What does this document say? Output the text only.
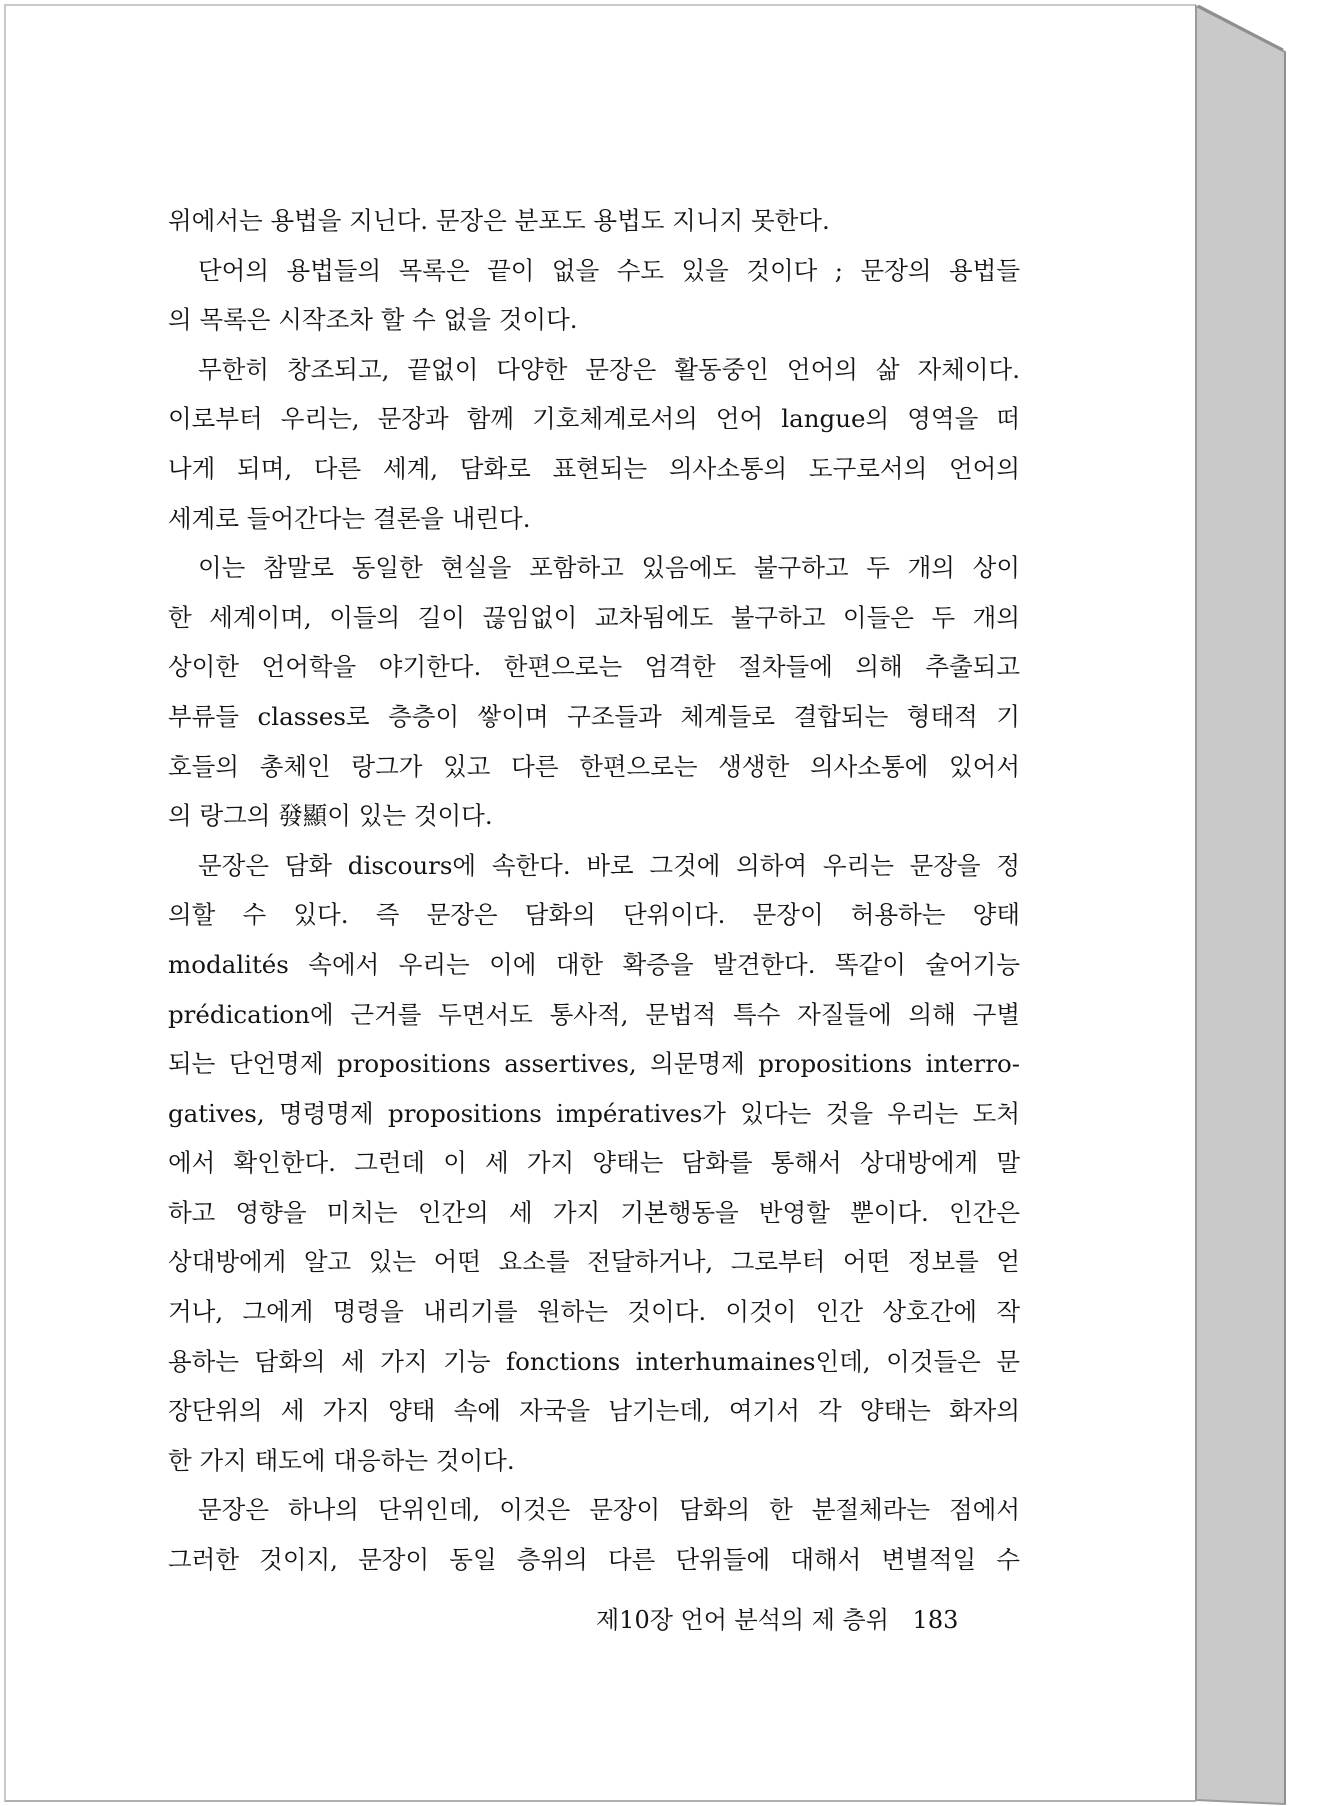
위에서는 용법을 지닌다. 문장은 분포도 용법도 지니지 못한다.
단어의 용법들의 목록은 끝이 없을 수도 있을 것이다 ; 문장의 용법들
의 목록은 시작조차 할 수 없을 것이다.
무한히 창조되고, 끝없이 다양한 문장은 활동중인 언어의 삶 자체이다.
이로부터 우리는, 문장과 함께 기호체계로서의 언어 langue의 영역을 떠
나게 되며, 다른 세계, 담화로 표현되는 의사소통의 도구로서의 언어의
세계로 들어간다는 결론을 내린다.
이는 참말로 동일한 현실을 포함하고 있음에도 불구하고 두 개의 상이
한 세계이며, 이들의 길이 끊임없이 교차됨에도 불구하고 이들은 두 개의
상이한 언어학을 야기한다. 한편으로는 엄격한 절차들에 의해 추출되고
부류들 classes로 층층이 쌓이며 구조들과 체계들로 결합되는 형태적 기
호들의 총체인 랑그가 있고 다른 한편으로는 생생한 의사소통에 있어서
의 랑그의 發顯이 있는 것이다.
문장은 담화 discours에 속한다. 바로 그것에 의하여 우리는 문장을 정
의할 수 있다. 즉 문장은 담화의 단위이다. 문장이 허용하는 양태
modalités 속에서 우리는 이에 대한 확증을 발견한다. 똑같이 술어기능
prédication에 근거를 두면서도 통사적, 문법적 특수 자질들에 의해 구별
되는 단언명제 propositions assertives, 의문명제 propositions interro-
gatives, 명령명제 propositions impératives가 있다는 것을 우리는 도처
에서 확인한다. 그런데 이 세 가지 양태는 담화를 통해서 상대방에게 말
하고 영향을 미치는 인간의 세 가지 기본행동을 반영할 뿐이다. 인간은
상대방에게 알고 있는 어떤 요소를 전달하거나, 그로부터 어떤 정보를 얻
거나, 그에게 명령을 내리기를 원하는 것이다. 이것이 인간 상호간에 작
용하는 담화의 세 가지 기능 fonctions interhumaines인데, 이것들은 문
장단위의 세 가지 양태 속에 자국을 남기는데, 여기서 각 양태는 화자의
한 가지 태도에 대응하는 것이다.
문장은 하나의 단위인데, 이것은 문장이 담화의 한 분절체라는 점에서
그러한 것이지, 문장이 동일 층위의 다른 단위들에 대해서 변별적일 수
제10장 언어 분석의 제 층위 183
